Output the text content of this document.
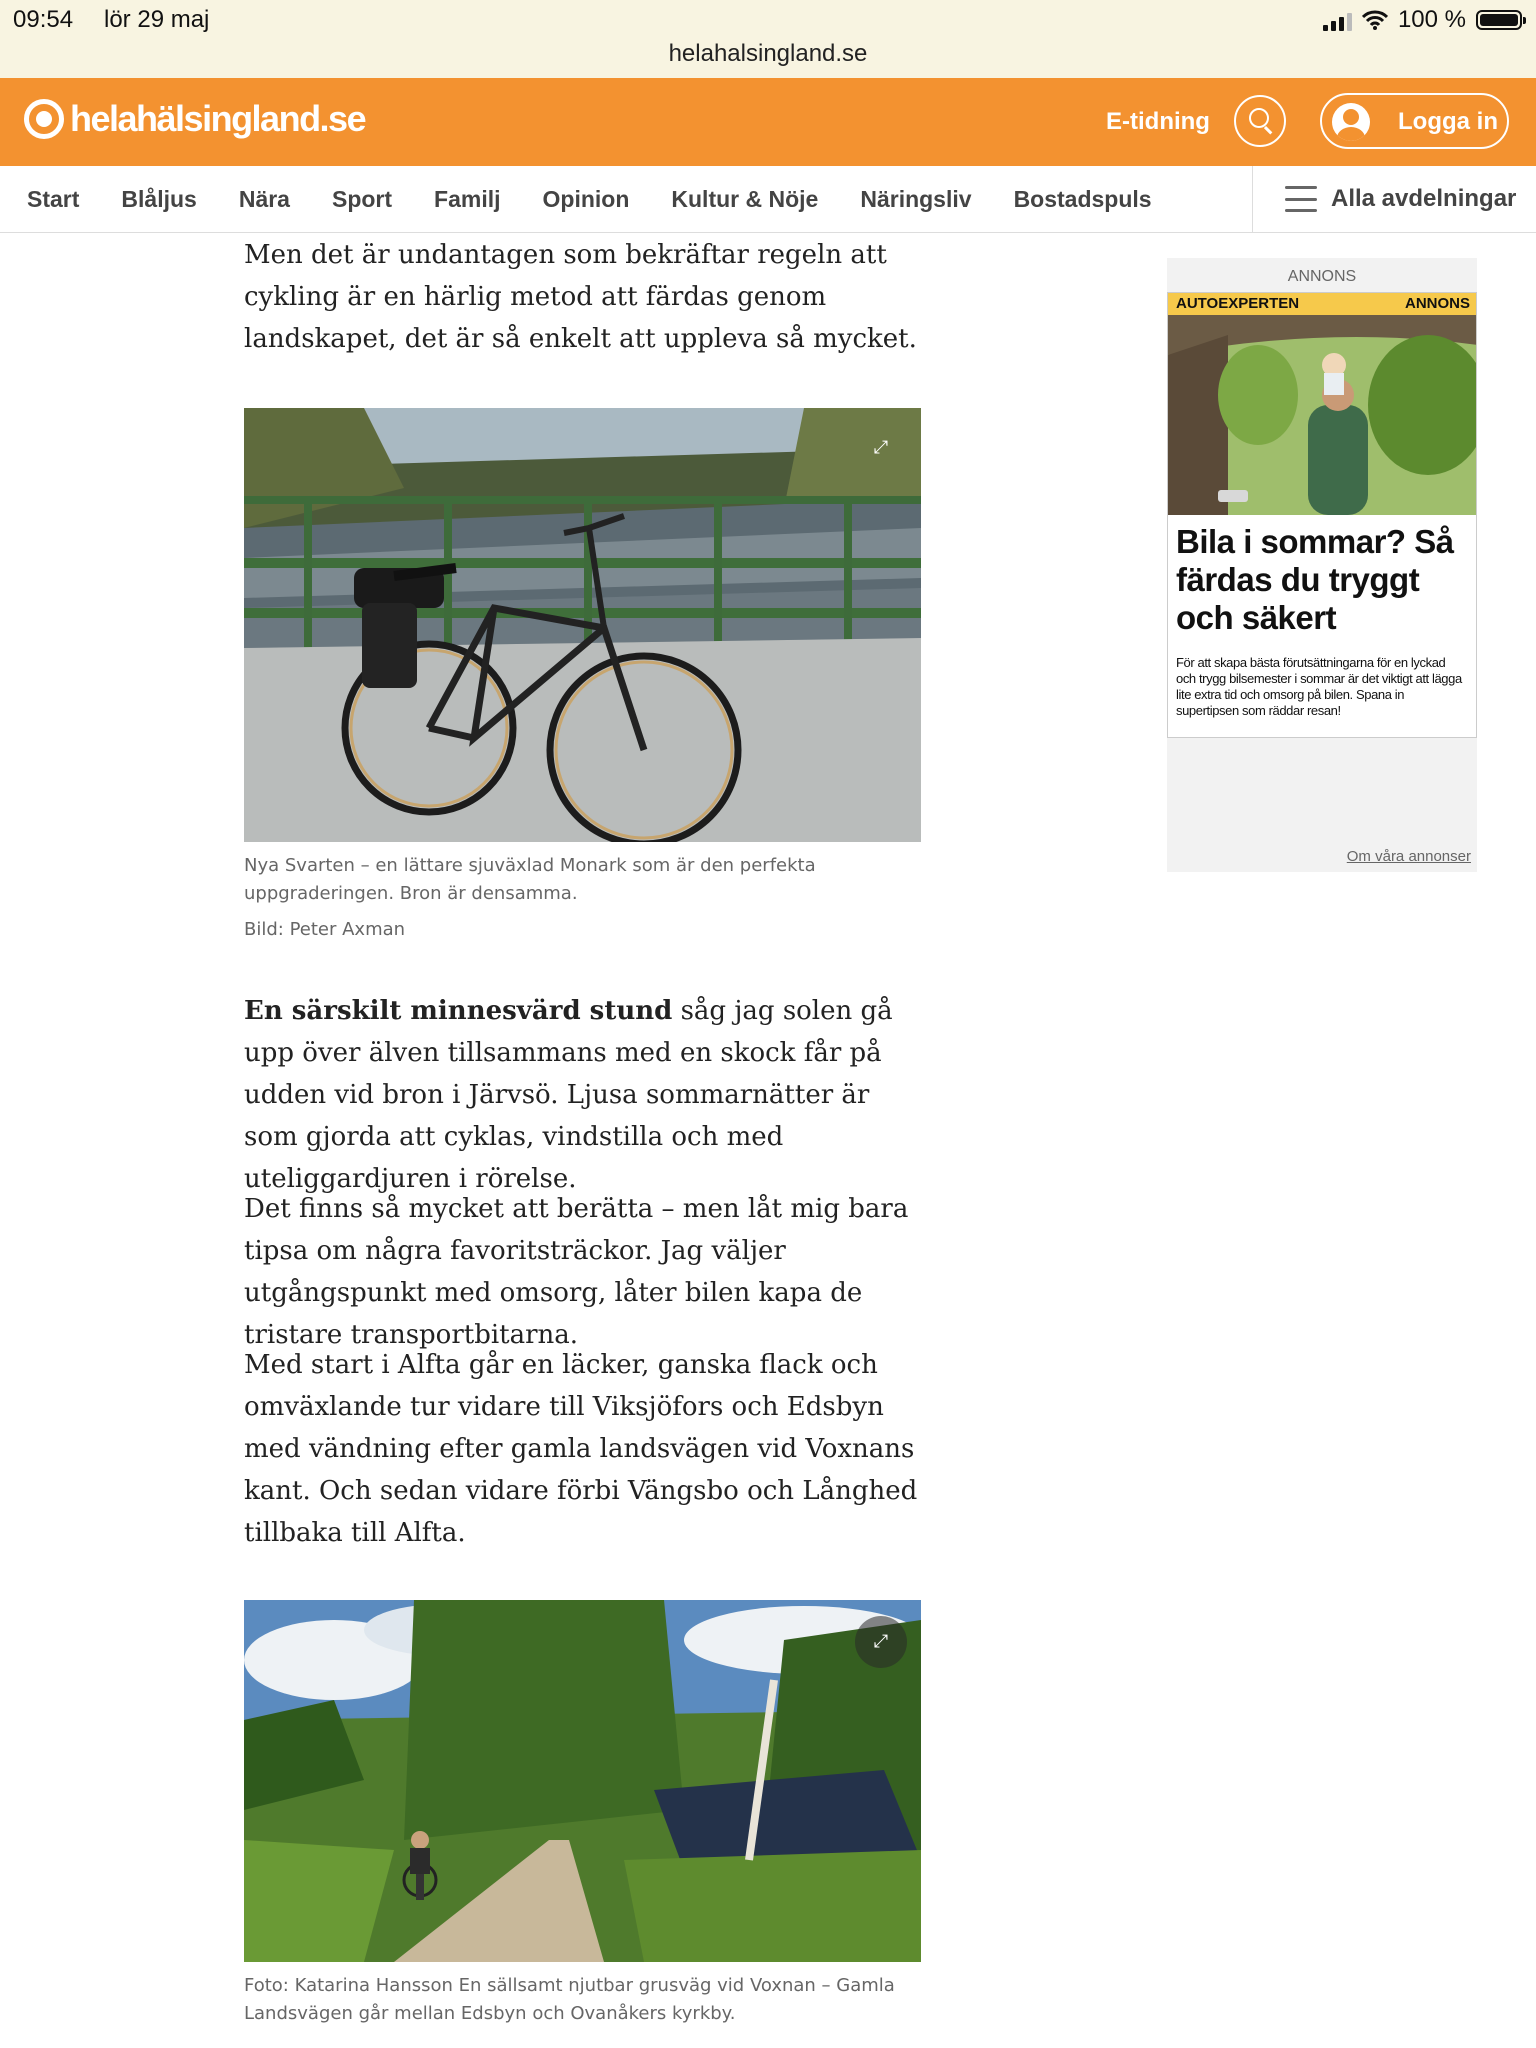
09:54 lör 29 maj	100 %
helahalsingland.se
helahälsingland.se	E-tidning	Logga in
Start Blåljus Nära Sport Familj Opinion Kultur & Nöje Näringsliv Bostadspuls	Alla avdelningar

Men det är undantagen som bekräftar regeln att cykling är en härlig metod att färdas genom landskapet, det är så enkelt att uppleva så mycket.

⤢
Nya Svarten – en lättare sjuväxlad Monark som är den perfekta uppgraderingen. Bron är densamma.
Bild: Peter Axman

En särskilt minnesvärd stund såg jag solen gå upp över älven tillsammans med en skock får på udden vid bron i Järvsö. Ljusa sommarnätter är som gjorda att cyklas, vindstilla och med uteliggardjuren i rörelse.

Det finns så mycket att berätta – men låt mig bara tipsa om några favoritsträckor. Jag väljer utgångspunkt med omsorg, låter bilen kapa de tristare transportbitarna.

Med start i Alfta går en läcker, ganska flack och omväxlande tur vidare till Viksjöfors och Edsbyn med vändning efter gamla landsvägen vid Voxnans kant. Och sedan vidare förbi Vängsbo och Långhed tillbaka till Alfta.

⤢
Foto: Katarina Hansson En sällsamt njutbar grusväg vid Voxnan – Gamla Landsvägen går mellan Edsbyn och Ovanåkers kyrkby.
ANNONS
AUTOEXPERTEN	ANNONS
Bila i sommar? Så färdas du tryggt och säkert
För att skapa bästa förutsättningarna för en lyckad och trygg bilsemester i sommar är det viktigt att lägga lite extra tid och omsorg på bilen. Spana in supertipsen som räddar resan!
Om våra annonser
